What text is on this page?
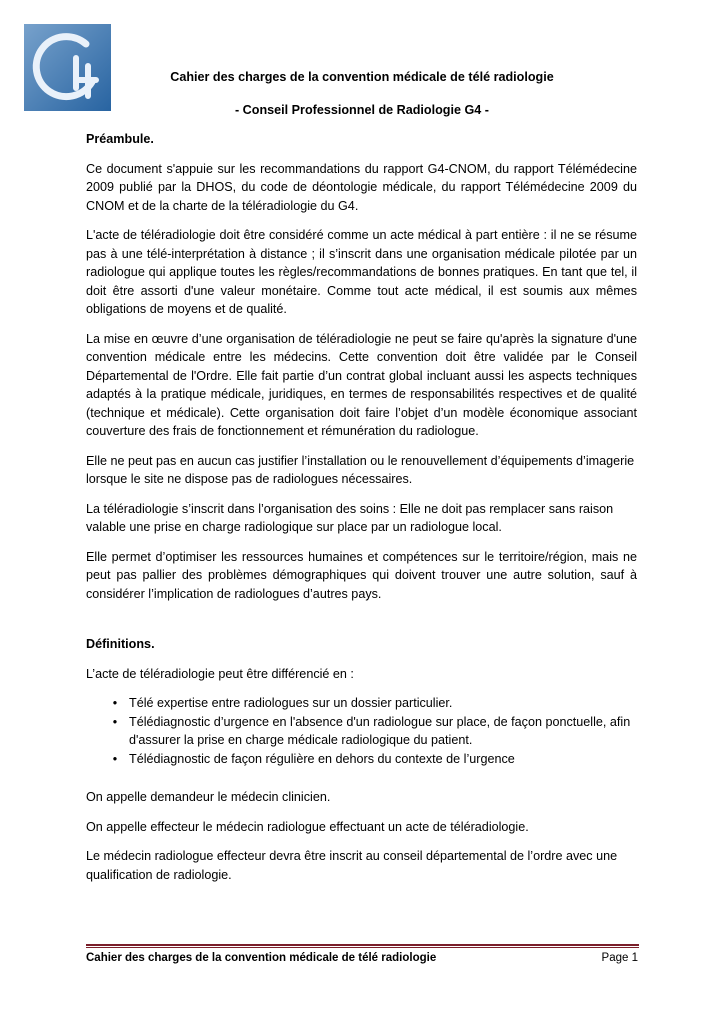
Cahier des charges de la convention médicale de télé radiologie
- Conseil Professionnel de Radiologie G4 -

Préambule.

Ce document s'appuie sur les recommandations du rapport G4-CNOM, du rapport Télémédecine 2009 publié par la DHOS, du code de déontologie médicale, du rapport Télémédecine 2009 du CNOM et de la charte de la téléradiologie du G4.

L'acte de téléradiologie doit être considéré comme un acte médical à part entière : il ne se résume pas à une télé-interprétation à distance ; il s’inscrit dans une organisation médicale pilotée par un radiologue qui applique toutes les règles/recommandations de bonnes pratiques. En tant que tel, il doit être assorti d'une valeur monétaire. Comme tout acte médical, il est soumis aux mêmes obligations de moyens et de qualité.

La mise en œuvre d’une organisation de téléradiologie ne peut se faire qu'après la signature d'une convention médicale entre les médecins. Cette convention doit être validée par le Conseil Départemental de l'Ordre. Elle fait partie d’un contrat global incluant aussi les aspects techniques adaptés à la pratique médicale, juridiques, en termes de responsabilités respectives et de qualité (technique et médicale). Cette organisation doit faire l’objet d’un modèle économique associant couverture des frais de fonctionnement et rémunération du radiologue.

Elle ne peut pas en aucun cas justifier l’installation ou le renouvellement d’équipements d’imagerie lorsque le site ne dispose pas de radiologues nécessaires.

La téléradiologie s’inscrit dans l’organisation des soins : Elle ne doit pas remplacer sans raison valable une prise en charge radiologique sur place par un radiologue local.

Elle permet d’optimiser les ressources humaines et compétences sur le territoire/région, mais ne peut pas pallier des problèmes démographiques qui doivent trouver une autre solution, sauf à considérer l’implication de radiologues d’autres pays.

Définitions.

L’acte de téléradiologie peut être différencié en :

• Télé expertise entre radiologues sur un dossier particulier.
• Télédiagnostic d’urgence en l'absence d'un radiologue sur place, de façon ponctuelle, afin d'assurer la prise en charge médicale radiologique du patient.
• Télédiagnostic de façon régulière en dehors du contexte de l’urgence

On appelle demandeur le médecin clinicien.

On appelle effecteur le médecin radiologue effectuant un acte de téléradiologie.

Le médecin radiologue effecteur devra être inscrit au conseil départemental de l’ordre avec une qualification de radiologie.

Cahier des charges de la convention médicale de télé radiologie	Page 1
